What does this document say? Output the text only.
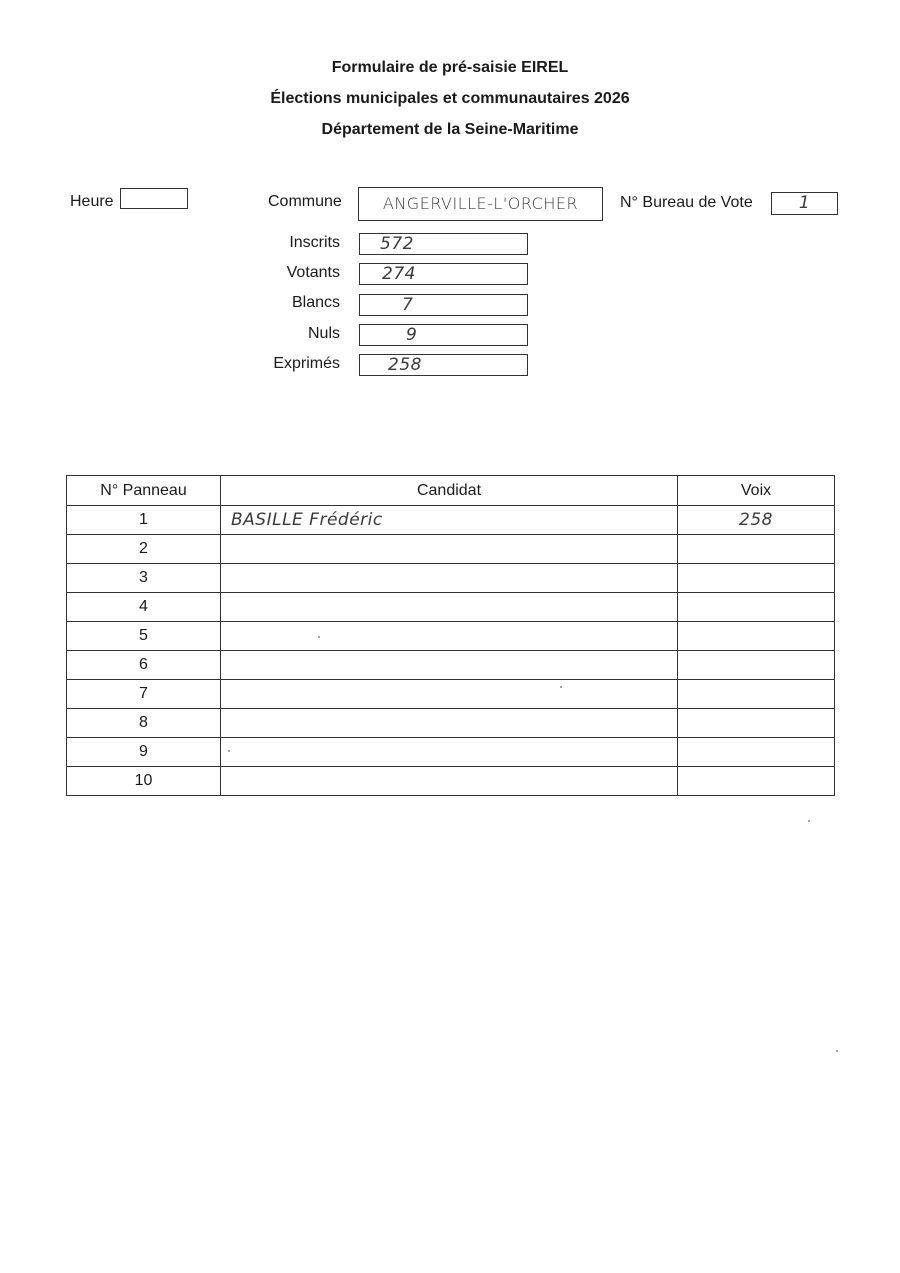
Formulaire de pré-saisie EIREL
Élections municipales et communautaires 2026
Département de la Seine-Maritime
Heure	Commune	ANGERVILLE-L'ORCHER	N° Bureau de Vote	1
Inscrits	572
Votants	274
Blancs	7
Nuls	9
Exprimés	258
N° Panneau	Candidat	Voix
1	BASILLE Frédéric	258
2		
3		
4		
5		
6		
7		
8		
9		
10		
